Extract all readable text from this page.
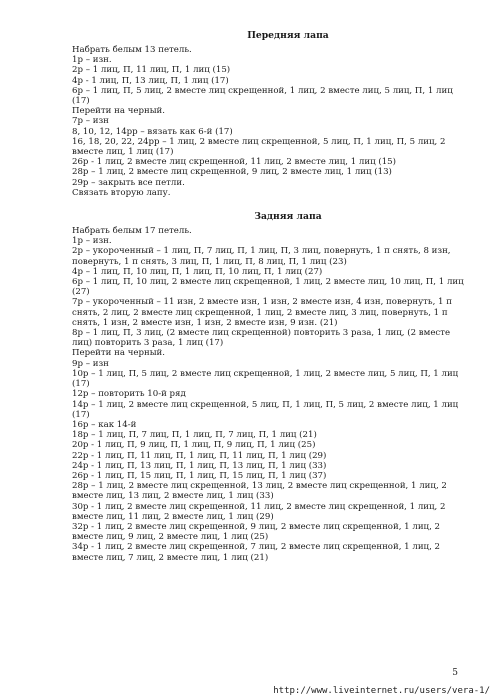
Передняя лапа
Набрать белым 13 петель.
1р – изн.
2р – 1 лиц, П, 11 лиц, П, 1 лиц (15)
4р - 1 лиц, П, 13 лиц, П, 1 лиц (17)
6р – 1 лиц, П, 5 лиц, 2 вместе лиц скрещенной, 1 лиц, 2 вместе лиц, 5 лиц, П, 1 лиц (17)
Перейти на черный.
7р – изн
8, 10, 12, 14рр – вязать как 6-й (17)
16, 18, 20, 22, 24рр – 1 лиц, 2 вместе лиц скрещенной, 5 лиц, П, 1 лиц, П, 5 лиц, 2 вместе лиц, 1 лиц (17)
26р - 1 лиц, 2 вместе лиц скрещенной, 11 лиц, 2 вместе лиц, 1 лиц (15)
28р – 1 лиц, 2 вместе лиц скрещенной, 9 лиц, 2 вместе лиц, 1 лиц (13)
29р – закрыть все петли.
Связать вторую лапу.
Задняя лапа
Набрать белым 17 петель.
1р – изн.
2р – укороченный – 1 лиц, П, 7 лиц, П, 1 лиц, П, 3 лиц, повернуть, 1 п снять, 8 изн, повернуть, 1 п снять, 3 лиц, П, 1 лиц, П, 8 лиц, П, 1 лиц (23)
4р – 1 лиц, П, 10 лиц, П, 1 лиц, П, 10 лиц, П, 1 лиц (27)
6р – 1 лиц, П, 10 лиц, 2 вместе лиц скрещенной, 1 лиц, 2 вместе лиц, 10 лиц, П, 1 лиц (27)
7р – укороченный – 11 изн, 2 вместе изн, 1 изн, 2 вместе изн, 4 изн, повернуть, 1 п снять, 2 лиц, 2 вместе лиц скрещенной, 1 лиц, 2 вместе лиц, 3 лиц, повернуть, 1 п снять, 1 изн, 2 вместе изн, 1 изн, 2 вместе изн, 9 изн. (21)
8р – 1 лиц, П, 3 лиц, (2 вместе лиц скрещенной) повторить 3 раза, 1 лиц, (2 вместе лиц) повторить 3 раза, 1 лиц (17)
Перейти на черный.
9р – изн
10р – 1 лиц, П, 5 лиц, 2 вместе лиц скрещенной, 1 лиц, 2 вместе лиц, 5 лиц, П, 1 лиц (17)
12р – повторить 10-й ряд
14р – 1 лиц, 2 вместе лиц скрещенной, 5 лиц, П, 1 лиц, П, 5 лиц, 2 вместе лиц, 1 лиц (17)
16р – как 14-й
18р – 1 лиц, П, 7 лиц, П, 1 лиц, П, 7 лиц, П, 1 лиц (21)
20р - 1 лиц, П, 9 лиц, П, 1 лиц, П, 9 лиц, П, 1 лиц (25)
22р - 1 лиц, П, 11 лиц, П, 1 лиц, П, 11 лиц, П, 1 лиц (29)
24р - 1 лиц, П, 13 лиц, П, 1 лиц, П, 13 лиц, П, 1 лиц (33)
26р - 1 лиц, П, 15 лиц, П, 1 лиц, П, 15 лиц, П, 1 лиц (37)
28р – 1 лиц, 2 вместе лиц скрещенной, 13 лиц, 2 вместе лиц скрещенной, 1 лиц, 2 вместе лиц, 13 лиц, 2 вместе лиц, 1 лиц (33)
30р - 1 лиц, 2 вместе лиц скрещенной, 11 лиц, 2 вместе лиц скрещенной, 1 лиц, 2 вместе лиц, 11 лиц, 2 вместе лиц, 1 лиц (29)
32р - 1 лиц, 2 вместе лиц скрещенной, 9 лиц, 2 вместе лиц скрещенной, 1 лиц, 2 вместе лиц, 9 лиц, 2 вместе лиц, 1 лиц (25)
34р - 1 лиц, 2 вместе лиц скрещенной, 7 лиц, 2 вместе лиц скрещенной, 1 лиц, 2 вместе лиц, 7 лиц, 2 вместе лиц, 1 лиц (21)
5
http://www.liveinternet.ru/users/vera-1/
